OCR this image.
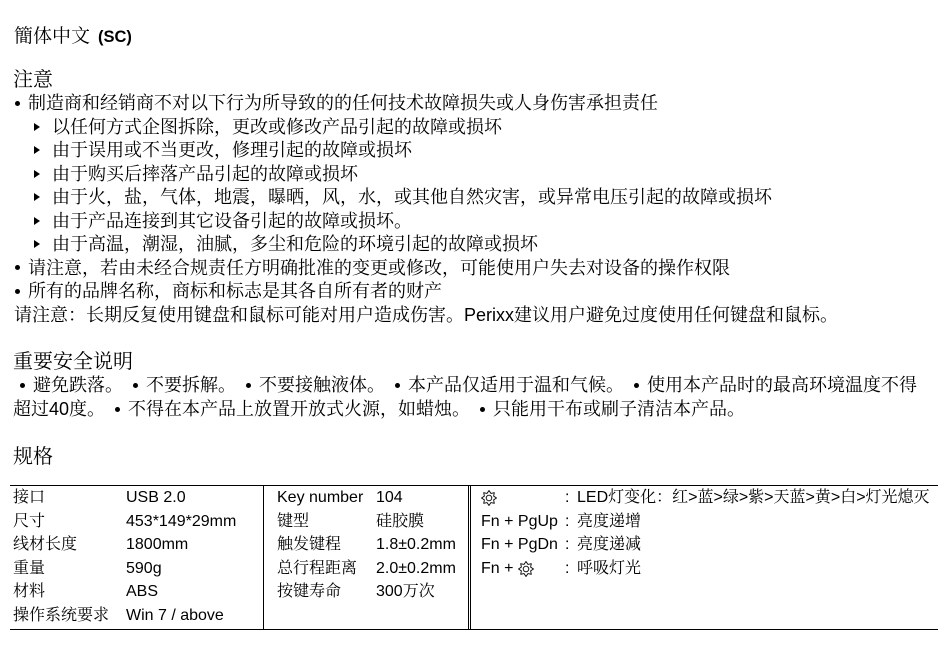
簡体中文 (SC)
注意
制造商和经销商不对以下行为所导致的的任何技术故障损失或人身伤害承担责任
以任何方式企图拆除，更改或修改产品引起的故障或损坏
由于误用或不当更改，修理引起的故障或损坏
由于购买后摔落产品引起的故障或损坏
由于火，盐，气体，地震，曝晒，风，水，或其他自然灾害，或异常电压引起的故障或损坏
由于产品连接到其它设备引起的故障或损坏。
由于高温，潮湿，油腻，多尘和危险的环境引起的故障或损坏
请注意，若由未经合规责任方明确批准的变更或修改，可能使用户失去对设备的操作权限
所有的品牌名称，商标和标志是其各自所有者的财产
请注意：长期反复使用键盘和鼠标可能对用户造成伤害。Perixx建议用户避免过度使用任何键盘和鼠标。
重要安全说明
避免跌落。 不要拆解。 不要接触液体。 本产品仅适用于温和气候。 使用本产品时的最高环境温度不得超过40度。 不得在本产品上放置开放式火源，如蜡烛。 只能用干布或刷子清洁本产品。
规格
接口	USB 2.0
尺寸	453*149*29mm
线材长度	1800mm
重量	590g
材料	ABS
操作系统要求	Win 7 / above
Key number 104
键型	硅胶膜
触发键程	1.8±0.2mm
总行程距离	2.0±0.2mm
按键寿命	300万次
: LED灯变化：红>蓝>绿>紫>天蓝>黄>白>灯光熄灭
Fn + PgUp : 亮度递增
Fn + PgDn : 亮度递减
Fn +	: 呼吸灯光
